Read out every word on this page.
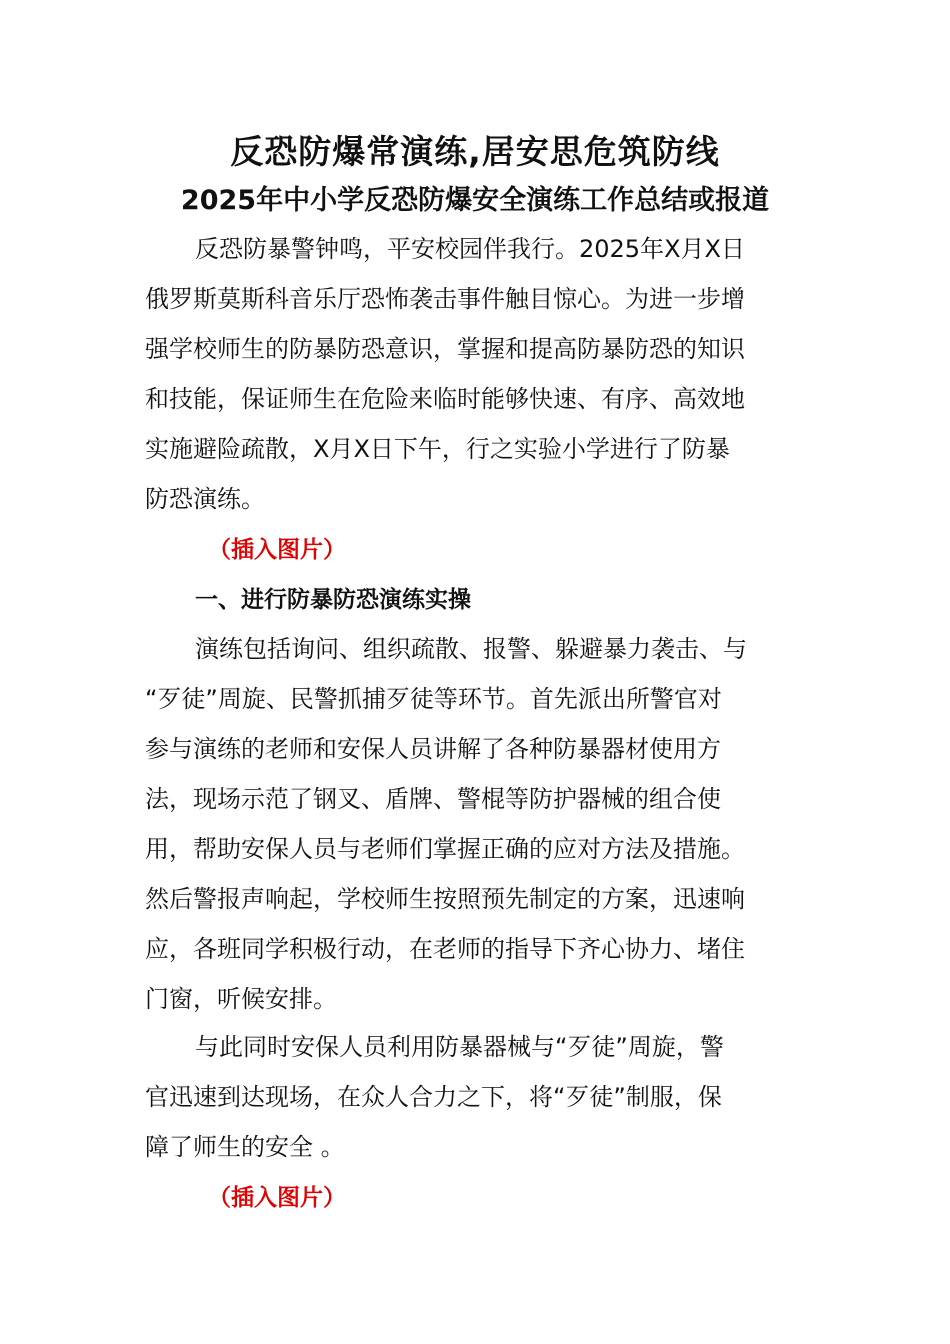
反恐防爆常演练,居安思危筑防线
2025年中小学反恐防爆安全演练工作总结或报道
反恐防暴警钟鸣，平安校园伴我行。2025年X月X日
俄罗斯莫斯科音乐厅恐怖袭击事件触目惊心。为进一步增
强学校师生的防暴防恐意识，掌握和提高防暴防恐的知识
和技能，保证师生在危险来临时能够快速、有序、高效地
实施避险疏散，X月X日下午，行之实验小学进行了防暴
防恐演练。
（插入图片）
一、进行防暴防恐演练实操
演练包括询问、组织疏散、报警、躲避暴力袭击、与
“歹徒”周旋、民警抓捕歹徒等环节。首先派出所警官对
参与演练的老师和安保人员讲解了各种防暴器材使用方
法，现场示范了钢叉、盾牌、警棍等防护器械的组合使
用，帮助安保人员与老师们掌握正确的应对方法及措施。
然后警报声响起，学校师生按照预先制定的方案，迅速响
应，各班同学积极行动，在老师的指导下齐心协力、堵住
门窗，听候安排。
与此同时安保人员利用防暴器械与“歹徒”周旋，警
官迅速到达现场，在众人合力之下，将“歹徒”制服，保
障了师生的安全 。
（插入图片）
